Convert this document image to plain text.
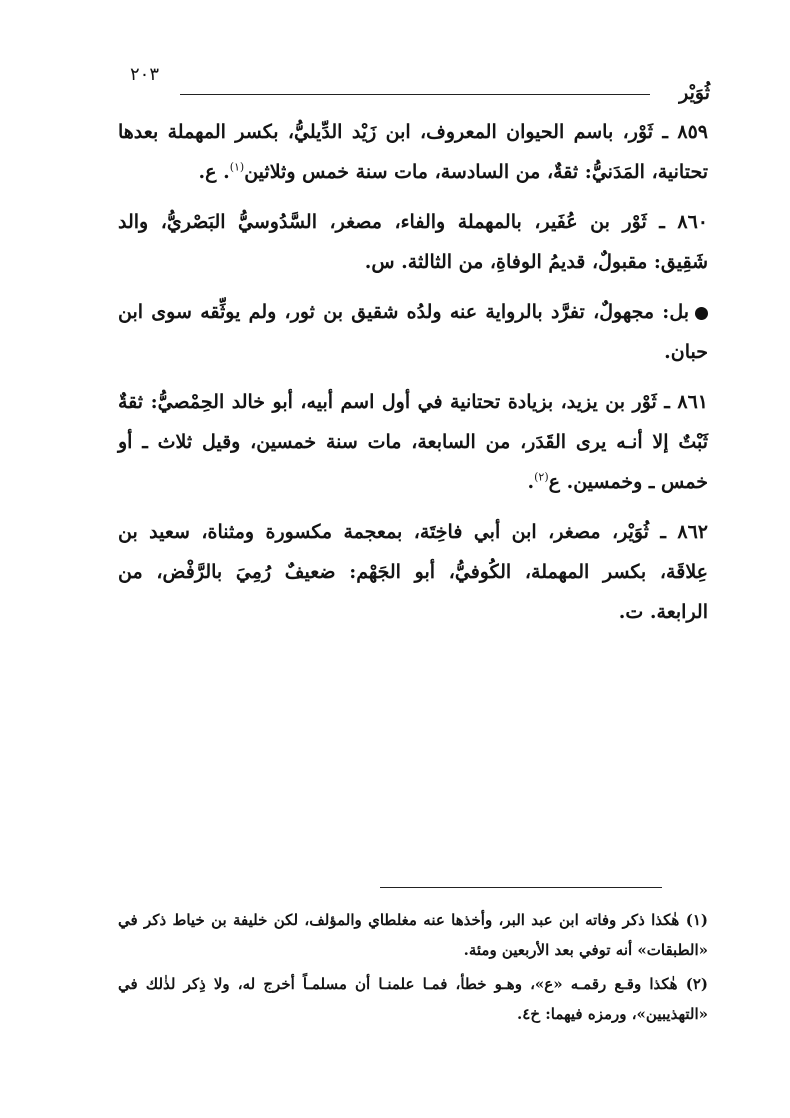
ثُوَيْر
٢٠٣

٨٥٩ ـ ثَوْر، باسم الحيوان المعروف، ابن زَيْد الدِّيليُّ، بكسر المهملة بعدها تحتانية، المَدَنيُّ: ثقةٌ، من السادسة، مات سنة خمس وثلاثين$^{(١)}$. ع.

٨٦٠ ـ ثَوْر بن عُفَير، بالمهملة والفاء، مصغر، السَّدُوسيُّ البَصْريُّ، والد شَقِيق: مقبولٌ، قديمُ الوفاةِ، من الثالثة. س.

بل: مجهولٌ، تفرَّد بالرواية عنه ولدُه شقيق بن ثور، ولم يوثِّقه سوى ابن حبان.

٨٦١ ـ ثَوْر بن يزيد، بزيادة تحتانية في أول اسم أبيه، أبو خالد الحِمْصيُّ: ثقةٌ ثَبْتٌ إلا أنـه يرى القَدَر، من السابعة، مات سنة خمسين، وقيل ثلاث ـ أو خمس ـ وخمسين. ع$^{(٢)}$.

٨٦٢ ـ ثُوَيْر، مصغر، ابن أبي فاخِتَة، بمعجمة مكسورة ومثناة، سعيد بن عِلاقَة، بكسر المهملة، الكُوفيُّ، أبو الجَهْم: ضعيفٌ رُمِيَ بالرَّفْض، من الرابعة. ت.

(١) هٰكذا ذكر وفاته ابن عبد البر، وأخذها عنه مغلطاي والمؤلف، لكن خليفة بن خياط ذكر في «الطبقات» أنه توفي بعد الأربعين ومئة.

(٢) هٰكذا وقـع رقمـه «ع»، وهـو خطأ، فمـا علمنـا أن مسلمـاً أخرج له، ولا ذِكر لذٰلك في «التهذيبين»، ورمزه فيهما: خ٤.
